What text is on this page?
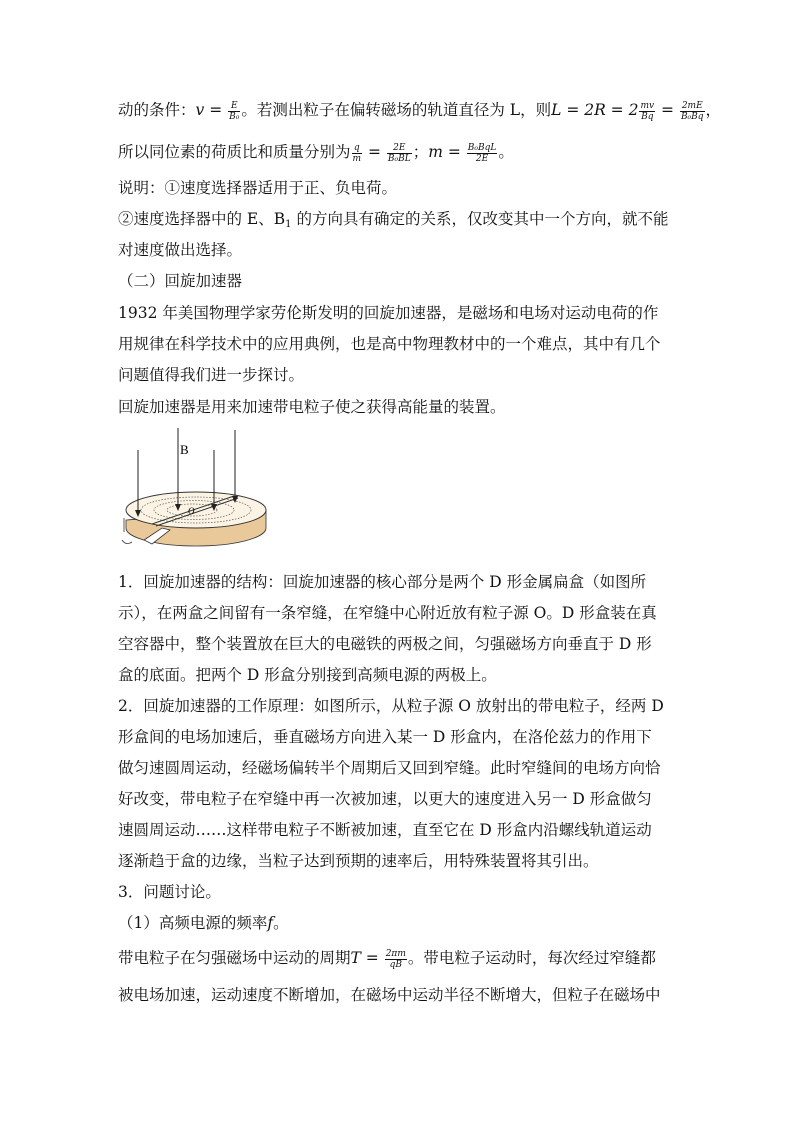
动的条件：$v = \frac{E}{\text{B₀}}$ 。若测出粒子在偏转磁场的轨道直径为 L，则$L = 2R = 2 \frac{mv}{Bq} = \frac{2mE}{\text{B₀Bq}}$ ，
所以同位素的荷质比和质量分别为 $\frac{q}{m} = \frac{2E}{\text{B₀BL}}$ ；$m = \frac{\text{B₀BqL}}{2E}$ 。
说明：①速度选择器适用于正、负电荷。
②速度选择器中的 E、$B_1$ 的方向具有确定的关系，仅改变其中一个方向，就不能
对速度做出选择。
（二）回旋加速器
1932 年美国物理学家劳伦斯发明的回旋加速器，是磁场和电场对运动电荷的作
用规律在科学技术中的应用典例，也是高中物理教材中的一个难点，其中有几个
问题值得我们进一步探讨。
回旋加速器是用来加速带电粒子使之获得高能量的装置。
B
O
1．回旋加速器的结构：回旋加速器的核心部分是两个 D 形金属扁盒（如图所
示），在两盒之间留有一条窄缝，在窄缝中心附近放有粒子源 O。D 形盒装在真
空容器中，整个装置放在巨大的电磁铁的两极之间，匀强磁场方向垂直于 D 形
盒的底面。把两个 D 形盒分别接到高频电源的两极上。
2．回旋加速器的工作原理：如图所示，从粒子源 O 放射出的带电粒子，经两 D
形盒间的电场加速后，垂直磁场方向进入某一 D 形盒内，在洛伦兹力的作用下
做匀速圆周运动，经磁场偏转半个周期后又回到窄缝。此时窄缝间的电场方向恰
好改变，带电粒子在窄缝中再一次被加速，以更大的速度进入另一 D 形盒做匀
速圆周运动……这样带电粒子不断被加速，直至它在 D 形盒内沿螺线轨道运动
逐渐趋于盒的边缘，当粒子达到预期的速率后，用特殊装置将其引出。
3．问题讨论。
（1）高频电源的频率f。
带电粒子在匀强磁场中运动的周期$T = \frac{2\pi m}{qB}$ 。带电粒子运动时，每次经过窄缝都
被电场加速，运动速度不断增加，在磁场中运动半径不断增大，但粒子在磁场中
